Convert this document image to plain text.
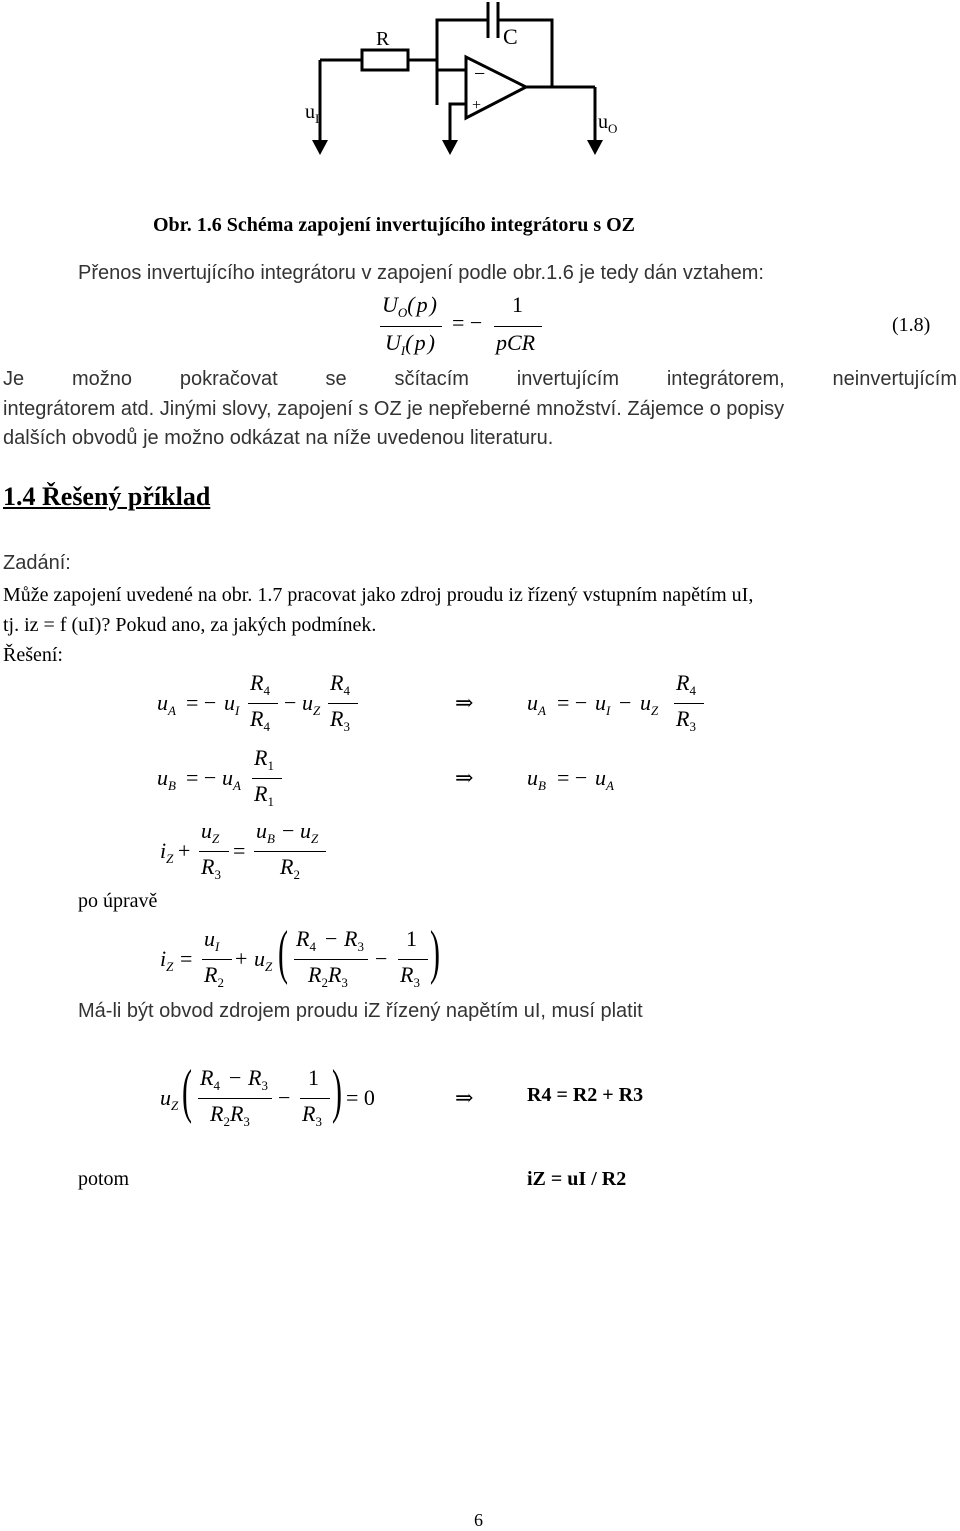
R	C
−
+
$u_I$	$u_O$
Obr. 1.6 Schéma zapojení invertujícího integrátoru s OZ
Přenos invertujícího integrátoru v zapojení podle obr.1.6 je tedy dán vztahem:
$U_O(p)$
$U_I(p)$
= −
1
pCR
(1.8)
Je možno pokračovat se sčítacím invertujícím integrátorem, neinvertujícím
integrátorem atd. Jinými slovy, zapojení s OZ je nepřeberné množství. Zájemce o popisy
dalších obvodů je možno odkázat na níže uvedenou literaturu.
1.4 Řešený příklad
Zadání:
Může zapojení uvedené na obr. 1.7 pracovat jako zdroj proudu iz řízený vstupním napětím uI,
tj. iz = f (uI)? Pokud ano, za jakých podmínek.
Řešení:
$u_A$ = − $u_I$
$R_4$
$R_4$
− $u_Z$
$R_4$
$R_3$
⇒ $u_A$ = − $u_I - u_Z$
$R_4$
$R_3$
$u_B$ = − $u_A$
$R_1$
$R_1$
⇒ $u_B$ = − $u_A$
$i_Z$ +
$u_Z$
$R_3$
=
$u_B - u_Z$
$R_2$
po úpravě
$i_Z$ =
$u_I$
$R_2$
+ $u_Z$ ( $R_4 - R_3$
$R_2R_3$
−
1
$R_3$ )
Má-li být obvod zdrojem proudu iZ řízený napětím uI, musí platit
$u_Z$ ( $R_4 - R_3$
$R_2R_3$
−
1
$R_3$ ) = 0	⇒	R4 = R2 + R3
potom	iZ = uI / R2
6
